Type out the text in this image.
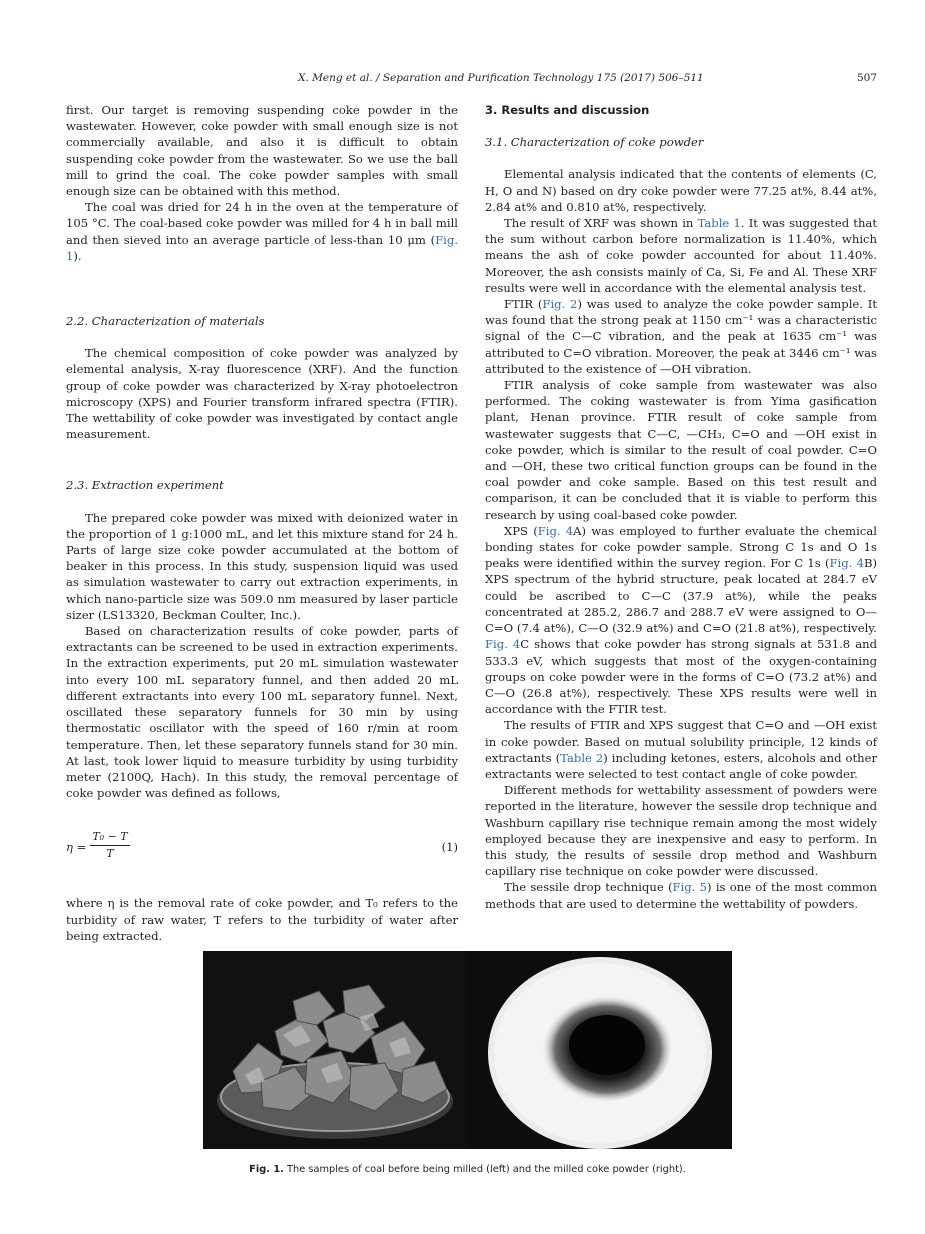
X. Meng et al. / Separation and Purification Technology 175 (2017) 506–511	507

first. Our target is removing suspending coke powder in the wastewater. However, coke powder with small enough size is not commercially available, and also it is difficult to obtain suspending coke powder from the wastewater. So we use the ball mill to grind the coal. The coke powder samples with small enough size can be obtained with this method.

The coal was dried for 24 h in the oven at the temperature of 105 °C. The coal-based coke powder was milled for 4 h in ball mill and then sieved into an average particle of less-than 10 μm (Fig. 1).

2.2. Characterization of materials

The chemical composition of coke powder was analyzed by elemental analysis, X-ray fluorescence (XRF). And the function group of coke powder was characterized by X-ray photoelectron microscopy (XPS) and Fourier transform infrared spectra (FTIR). The wettability of coke powder was investigated by contact angle measurement.

2.3. Extraction experiment

The prepared coke powder was mixed with deionized water in the proportion of 1 g:1000 mL, and let this mixture stand for 24 h. Parts of large size coke powder accumulated at the bottom of beaker in this process. In this study, suspension liquid was used as simulation wastewater to carry out extraction experiments, in which nano-particle size was 509.0 nm measured by laser particle sizer (LS13320, Beckman Coulter, Inc.).

Based on characterization results of coke powder, parts of extractants can be screened to be used in extraction experiments. In the extraction experiments, put 20 mL simulation wastewater into every 100 mL separatory funnel, and then added 20 mL different extractants into every 100 mL separatory funnel. Next, oscillated these separatory funnels for 30 min by using thermostatic oscillator with the speed of 160 r/min at room temperature. Then, let these separatory funnels stand for 30 min. At last, took lower liquid to measure turbidity by using turbidity meter (2100Q, Hach). In this study, the removal percentage of coke powder was defined as follows,

$\eta = \frac{\text{T₀ − T}}{T}$	(1)

where η is the removal rate of coke powder, and T₀ refers to the turbidity of raw water, T refers to the turbidity of water after being extracted.

3. Results and discussion

3.1. Characterization of coke powder

Elemental analysis indicated that the contents of elements (C, H, O and N) based on dry coke powder were 77.25 at%, 8.44 at%, 2.84 at% and 0.810 at%, respectively.

The result of XRF was shown in Table 1. It was suggested that the sum without carbon before normalization is 11.40%, which means the ash of coke powder accounted for about 11.40%. Moreover, the ash consists mainly of Ca, Si, Fe and Al. These XRF results were well in accordance with the elemental analysis test.

FTIR (Fig. 2) was used to analyze the coke powder sample. It was found that the strong peak at 1150 cm⁻¹ was a characteristic signal of the C—C vibration, and the peak at 1635 cm⁻¹ was attributed to C=O vibration. Moreover, the peak at 3446 cm⁻¹ was attributed to the existence of —OH vibration.

FTIR analysis of coke sample from wastewater was also performed. The coking wastewater is from Yima gasification plant, Henan province. FTIR result of coke sample from wastewater suggests that C—C, —CH₃, C=O and —OH exist in coke powder, which is similar to the result of coal powder. C=O and —OH, these two critical function groups can be found in the coal powder and coke sample. Based on this test result and comparison, it can be concluded that it is viable to perform this research by using coal-based coke powder.

XPS (Fig. 4A) was employed to further evaluate the chemical bonding states for coke powder sample. Strong C 1s and O 1s peaks were identified within the survey region. For C 1s (Fig. 4B) XPS spectrum of the hybrid structure, peak located at 284.7 eV could be ascribed to C—C (37.9 at%), while the peaks concentrated at 285.2, 286.7 and 288.7 eV were assigned to O—C=O (7.4 at%), C—O (32.9 at%) and C=O (21.8 at%), respectively. Fig. 4C shows that coke powder has strong signals at 531.8 and 533.3 eV, which suggests that most of the oxygen-containing groups on coke powder were in the forms of C=O (73.2 at%) and C—O (26.8 at%), respectively. These XPS results were well in accordance with the FTIR test.

The results of FTIR and XPS suggest that C=O and —OH exist in coke powder. Based on mutual solubility principle, 12 kinds of extractants (Table 2) including ketones, esters, alcohols and other extractants were selected to test contact angle of coke powder.

Different methods for wettability assessment of powders were reported in the literature, however the sessile drop technique and Washburn capillary rise technique remain among the most widely employed because they are inexpensive and easy to perform. In this study, the results of sessile drop method and Washburn capillary rise technique on coke powder were discussed.

The sessile drop technique (Fig. 5) is one of the most common methods that are used to determine the wettability of powders.

Fig. 1. The samples of coal before being milled (left) and the milled coke powder (right).
